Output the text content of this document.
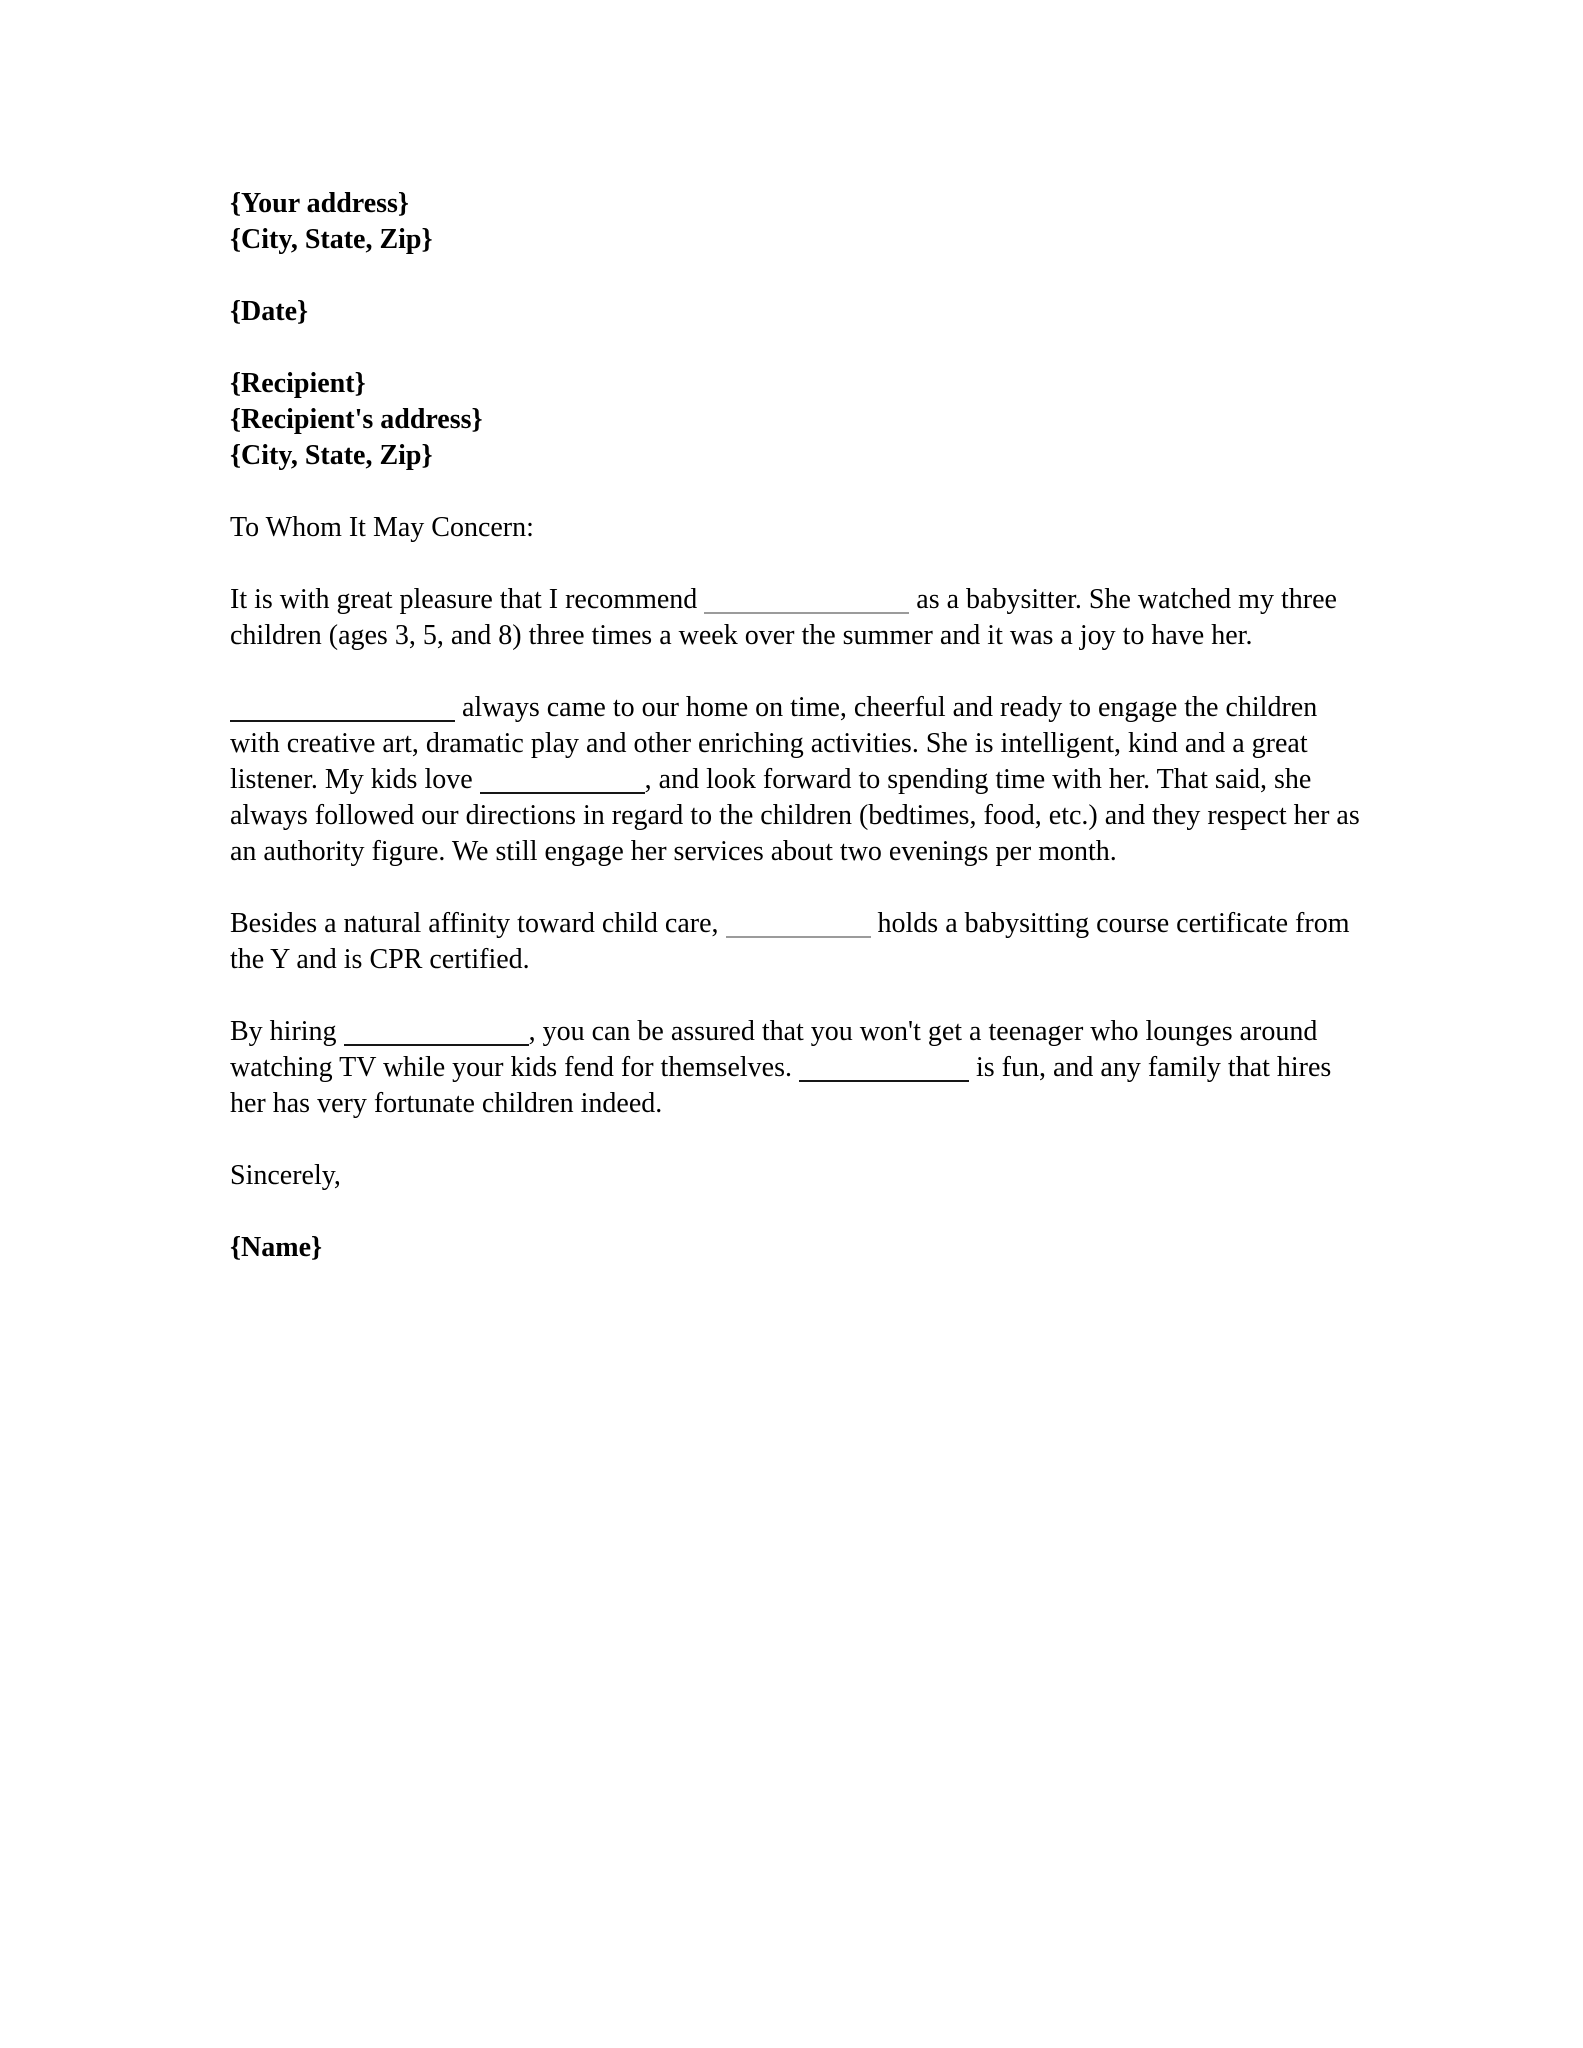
{Your address}
{City, State, Zip}
{Date}
{Recipient}
{Recipient's address}
{City, State, Zip}
To Whom It May Concern:

It is with great pleasure that I recommend	as a babysitter. She watched my three children (ages 3, 5, and 8) three times a week over the summer and it was a joy to have her.

always came to our home on time, cheerful and ready to engage the children with creative art, dramatic play and other enriching activities. She is intelligent, kind and a great listener. My kids love	, and look forward to spending time with her. That said, she always followed our directions in regard to the children (bedtimes, food, etc.) and they respect her as an authority figure. We still engage her services about two evenings per month.

Besides a natural affinity toward child care,	holds a babysitting course certificate from the Y and is CPR certified.

By hiring	, you can be assured that you won't get a teenager who lounges around watching TV while your kids fend for themselves.	is fun, and any family that hires her has very fortunate children indeed.

Sincerely,
{Name}
